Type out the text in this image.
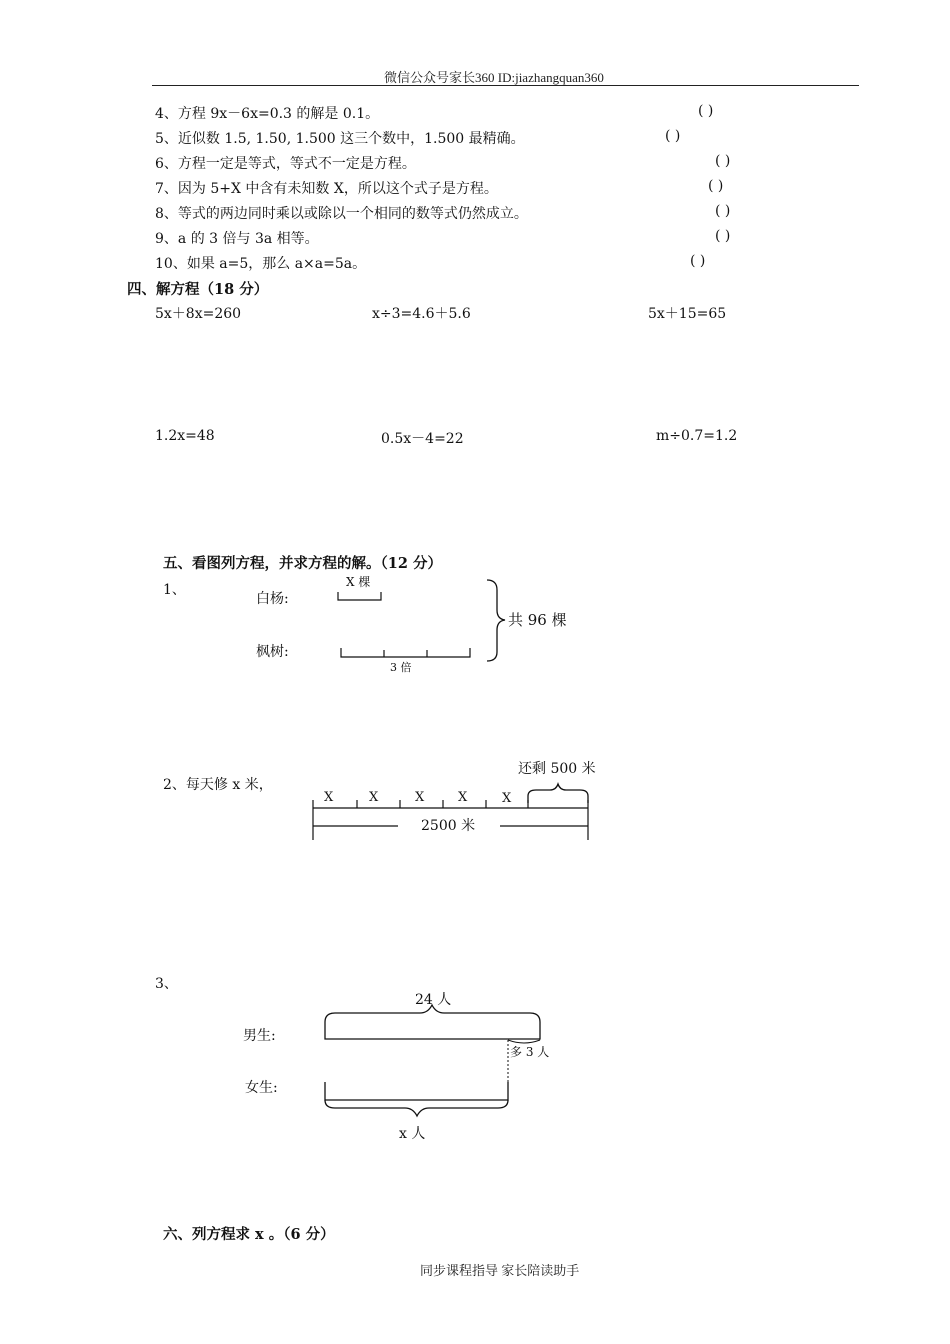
微信公众号家长360 ID:jiazhangquan360
4、方程 9x－6x=0.3 的解是 0.1。	( )
5、近似数 1.5, 1.50, 1.500 这三个数中，1.500 最精确。	( )
6、方程一定是等式，等式不一定是方程。	( )
7、因为 5+X 中含有未知数 X，所以这个式子是方程。	( )
8、等式的两边同时乘以或除以一个相同的数等式仍然成立。	( )
9、a 的 3 倍与 3a 相等。	( )
10、如果 a=5，那么 a×a=5a。	( )
四、解方程（18 分）
5x＋8x=260	x÷3=4.6＋5.6	5x＋15=65
1.2x=48	0.5x－4=22	m÷0.7=1.2
五、看图列方程，并求方程的解。（12 分）
1、
白杨:
枫树:
X 棵
3 倍
共 96 棵
2、每天修 x 米，
还剩 500 米
X	X	X	X	X
2500 米
3、
24 人
男生:
多 3 人
女生:
x 人
六、列方程求 x 。（6 分）
同步课程指导 家长陪读助手
